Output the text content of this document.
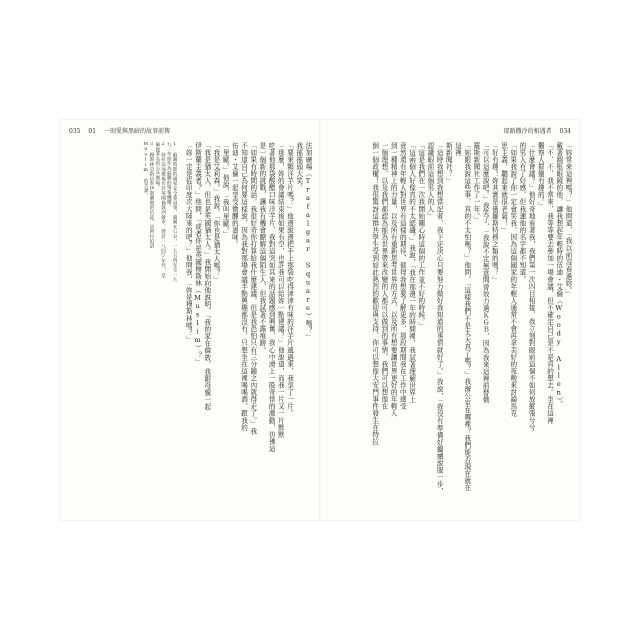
035 01 一則愛與黑暗的故事前傳	耶路撒冷的相遇者 034

法加廣場（Trafalgar Square）嗎？」

我搖搖頭大笑。

「要來顆洋芋片嗎？」他邊說邊把手上那袋吃得津津有味的洋芋片遞過來，我拿了一片。

「那麼，妳的會議結束後如果有空，也許我可以給妳一點建議？」他說道，而我一片又一片默默

吃著他那袋酸醋口味洋芋片，我對這突如其來的話題感到興奮，我心中湧上一股奇怪的激動，彷彿這

是一個新的挑戰，讓我有機會瞭解這個陌生人，但我試著不露痕跡。

「如果有時間的話，我很好奇你打算給我什麼建議，但是我恐怕只有三分鐘之內就得走了。」我

不知道自己為何要這樣說，因為我對那場會議半點興趣都沒有，只想坐在這裡喝喝酒、跟我的

伍迪・艾倫一起享受微醺的滋味。

「里歐。」他說，「我叫里歐。」

「我是艾莉森。」我說，「你也是猶太人嗎？」

「我是猶太人，但也是英國猶太人。」我開始向他說明，「我的家在倫敦，我跟母親一起

伊斯蘭主義者？」他問，「或者你是英國穆斯林（Muslim）？」

「妳一定是從印度次大陸來的吧？」他問我，「妳是穆斯林嗎？」

1 蘇聯時期的國家安全委員會，簡稱ＫＧＢ，一九五四年至一九九一年間作為蘇聯的情報機構。

2 特拉法加廣場位於英國倫敦西敏市，建於一八四○年代，是倫敦著名的公共廣場。

3 穆斯林是指信奉伊斯蘭教的信徒，是阿拉伯語 Muslim 的音譯。	「妳常來這裡嗎？」他問道，「我以前沒看過妳。」

戴著圓框眼鏡的他，讓我想起年輕時的伍迪・艾倫（Woody Allen）。

「不、不，我不常來，我等等要去參加一場會議，但不確定自己是不是真的想去。坐在這裡

觀察人群蠻有趣的。」

「什麼會議？」他好奇地看著我，我們第一次四目相接，我立刻對眼前這個不如何放縱張兮兮

的男人有了好感，但我連他的名字都不知道。

「如果我說了你一定會笑我，因為這個國家的年輕人通常不會再拿美好的夜晚來討論馬克

思主義，聽起來就很老氣！」

「好有趣！妳其實是俄羅斯特務之類的嗎？」

「可以這麼說吧。」我笑了，「我說不定無意間曾效力過ＫＧＢ，因為我來這裡前替俄

羅斯新聞社工作了一年。」

「妳跟我說這些事，真的不太怕嗎？」他問，「這樣我們不是太天真了嗎？」我辦公室在哪裡？我們能否現在就在這裡

斯新聞社？」

「這時我想到我想當記者，我下定決心只要努力做好我知道的事情就好了。」我說，「我沒有準備好繼續說服一步，認識眼前這個男人的人」

「這是我們在一次我開始關心時這個的工作並不好的時候。」

「這兩個人好像真的不太認識。」我說，「我在那邊一年的時間裡，我試著理解世界上

竟然還有年輕人對世界有這樣的期待，都得我想要了解更多，那段期間我在工作中感受

到一種精神上的力量，以及所有重新思考世界的方式，以及所有想要讓世界更好的年輕人

一個理想，以及我們都認為能為世界帶來改變的人都可以做到的事情，我們可以想像在

倒一個政權！我很驚訝這群共學生受到如此熱烈的歡迎與支持，你可以想像大安門事件發生在特拉
